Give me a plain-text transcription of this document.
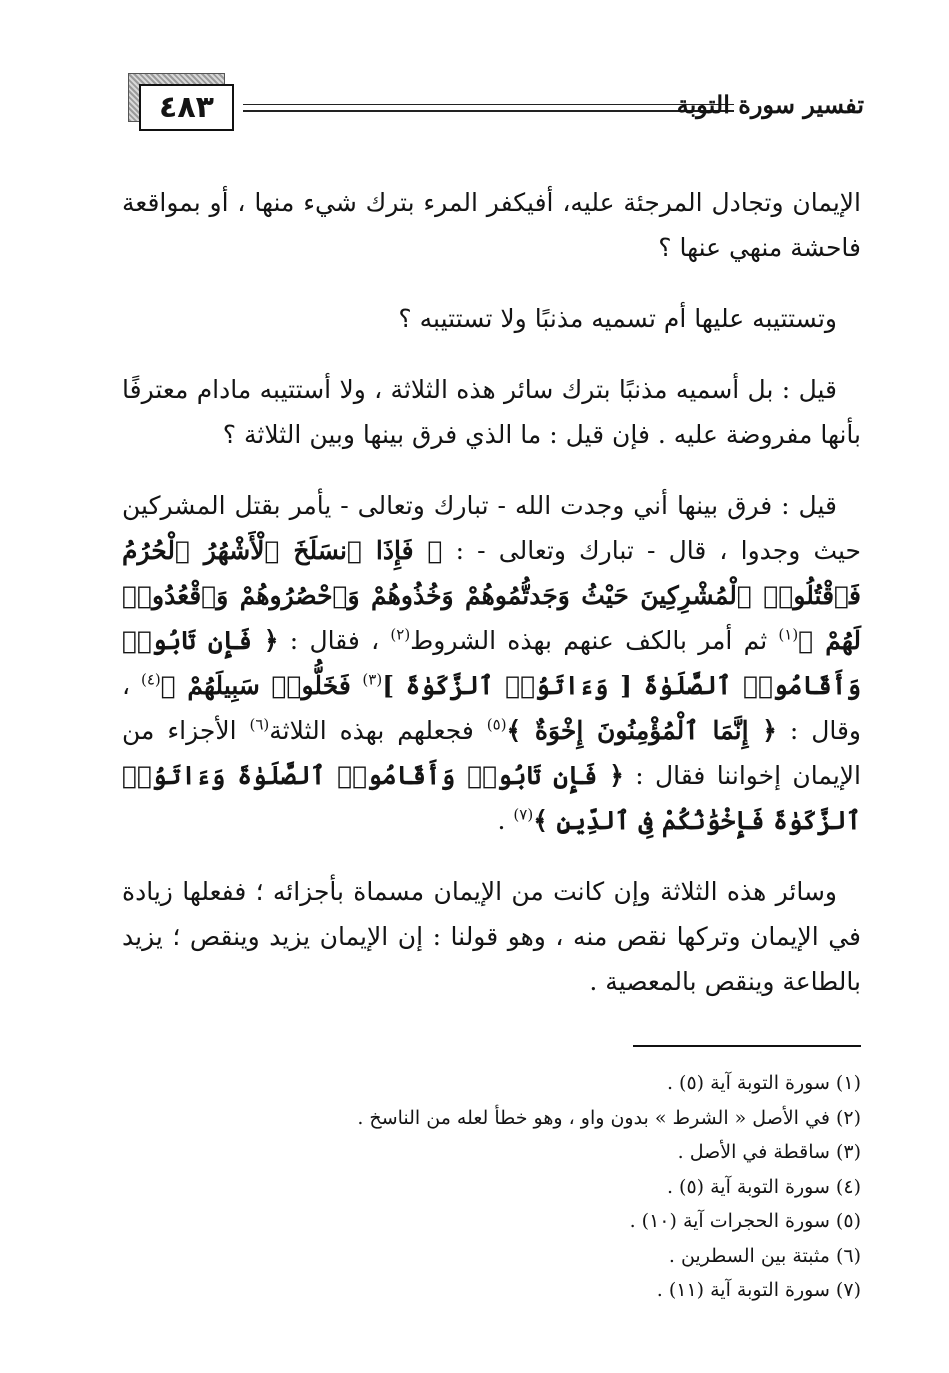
٤٨٣	تفسير سورة التوبة

الإيمان وتجادل المرجئة عليه، أفيكفر المرء بترك شيء منها ، أو بمواقعة فاحشة منهي عنها ؟

وتستتيبه عليها أم تسميه مذنبًا ولا تستتيبه ؟

قيل : بل أسميه مذنبًا بترك سائر هذه الثلاثة ، ولا أستتيبه مادام معترفًا بأنها مفروضة عليه . فإن قيل : ما الذي فرق بينها وبين الثلاثة ؟

قيل : فرق بينها أني وجدت الله - تبارك وتعالى - يأمر بقتل المشركين حيث وجدوا ، قال - تبارك وتعالى - : ﴿ فَإِذَا ٱنسَلَخَ ٱلْأَشْهُرُ ٱلْحُرُمُ فَٱقْتُلُوا۟ ٱلْمُشْرِكِينَ حَيْثُ وَجَدتُّمُوهُمْ وَخُذُوهُمْ وَٱحْصُرُوهُمْ وَٱقْعُدُوا۟ لَهُمْ ﴾$^{(١)}$ ثم أمر بالكف عنهم بهذه الشروط$^{(٢)}$ ، فقال : ﴿ فَإِن تَابُوا۟ وَأَقَامُوا۟ ٱلصَّلَوٰةَ [ وَءَاتَوُا۟ ٱلزَّكَوٰةَ ]$^{(٣)}$ فَخَلُّوا۟ سَبِيلَهُمْ ﴾$^{(٤)}$ ، وقال : ﴿ إِنَّمَا ٱلْمُؤْمِنُونَ إِخْوَةٌ ﴾$^{(٥)}$ فجعلهم بهذه الثلاثة$^{(٦)}$ الأجزاء من الإيمان إخواننا فقال : ﴿ فَإِن تَابُوا۟ وَأَقَامُوا۟ ٱلصَّلَوٰةَ وَءَاتَوُا۟ ٱلزَّكَوٰةَ فَإِخْوَٰنُكُمْ فِى ٱلدِّينِ ﴾$^{(٧)}$ .

وسائر هذه الثلاثة وإن كانت من الإيمان مسماة بأجزائه ؛ ففعلها زيادة في الإيمان وتركها نقص منه ، وهو قولنا : إن الإيمان يزيد وينقص ؛ يزيد بالطاعة وينقص بالمعصية .

(١) سورة التوبة آية (٥) .
(٢) في الأصل « الشرط » بدون واو ، وهو خطأ لعله من الناسخ .
(٣) ساقطة في الأصل .
(٤) سورة التوبة آية (٥) .
(٥) سورة الحجرات آية (١٠) .
(٦) مثبتة بين السطرين .
(٧) سورة التوبة آية (١١) .
